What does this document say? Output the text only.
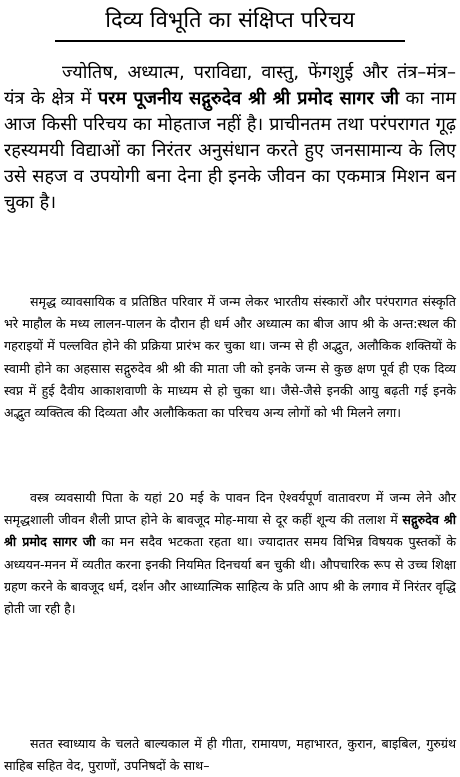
दिव्य विभूति का संक्षिप्त परिचय

ज्योतिष, अध्यात्म, पराविद्या, वास्तु, फेंगशुई और तंत्र–मंत्र–यंत्र के क्षेत्र में परम पूजनीय सद्गुरुदेव श्री श्री प्रमोद सागर जी का नाम आज किसी परिचय का मोहताज नहीं है। प्राचीनतम तथा परंपरागत गूढ़ रहस्यमयी विद्याओं का निरंतर अनुसंधान करते हुए जनसामान्य के लिए उसे सहज व उपयोगी बना देना ही इनके जीवन का एकमात्र मिशन बन चुका है।

समृद्ध व्यावसायिक व प्रतिष्ठित परिवार में जन्म लेकर भारतीय संस्कारों और परंपरागत संस्कृति भरे माहौल के मध्य लालन-पालन के दौरान ही धर्म और अध्यात्म का बीज आप श्री के अन्त:स्थल की गहराइयों में पल्लवित होने की प्रक्रिया प्रारंभ कर चुका था। जन्म से ही अद्भुत, अलौकिक शक्तियों के स्वामी होने का अहसास सद्गुरुदेव श्री श्री की माता जी को इनके जन्म से कुछ क्षण पूर्व ही एक दिव्य स्वप्न में हुई दैवीय आकाशवाणी के माध्यम से हो चुका था। जैसे-जैसे इनकी आयु बढ़ती गई इनके अद्भुत व्यक्तित्व की दिव्यता और अलौकिकता का परिचय अन्य लोगों को भी मिलने लगा।

वस्त्र व्यवसायी पिता के यहां 20 मई के पावन दिन ऐश्वर्यपूर्ण वातावरण में जन्म लेने और समृद्धशाली जीवन शैली प्राप्त होने के बावजूद मोह-माया से दूर कहीं शून्य की तलाश में सद्गुरुदेव श्री श्री प्रमोद सागर जी का मन सदैव भटकता रहता था। ज्यादातर समय विभिन्न विषयक पुस्तकों के अध्ययन-मनन में व्यतीत करना इनकी नियमित दिनचर्या बन चुकी थी। औपचारिक रूप से उच्च शिक्षा ग्रहण करने के बावजूद धर्म, दर्शन और आध्यात्मिक साहित्य के प्रति आप श्री के लगाव में निरंतर वृद्धि होती जा रही है।

सतत स्वाध्याय के चलते बाल्यकाल में ही गीता, रामायण, महाभारत, कुरान, बाइबिल, गुरुग्रंथ साहिब सहित वेद, पुराणों, उपनिषदों के साथ–
